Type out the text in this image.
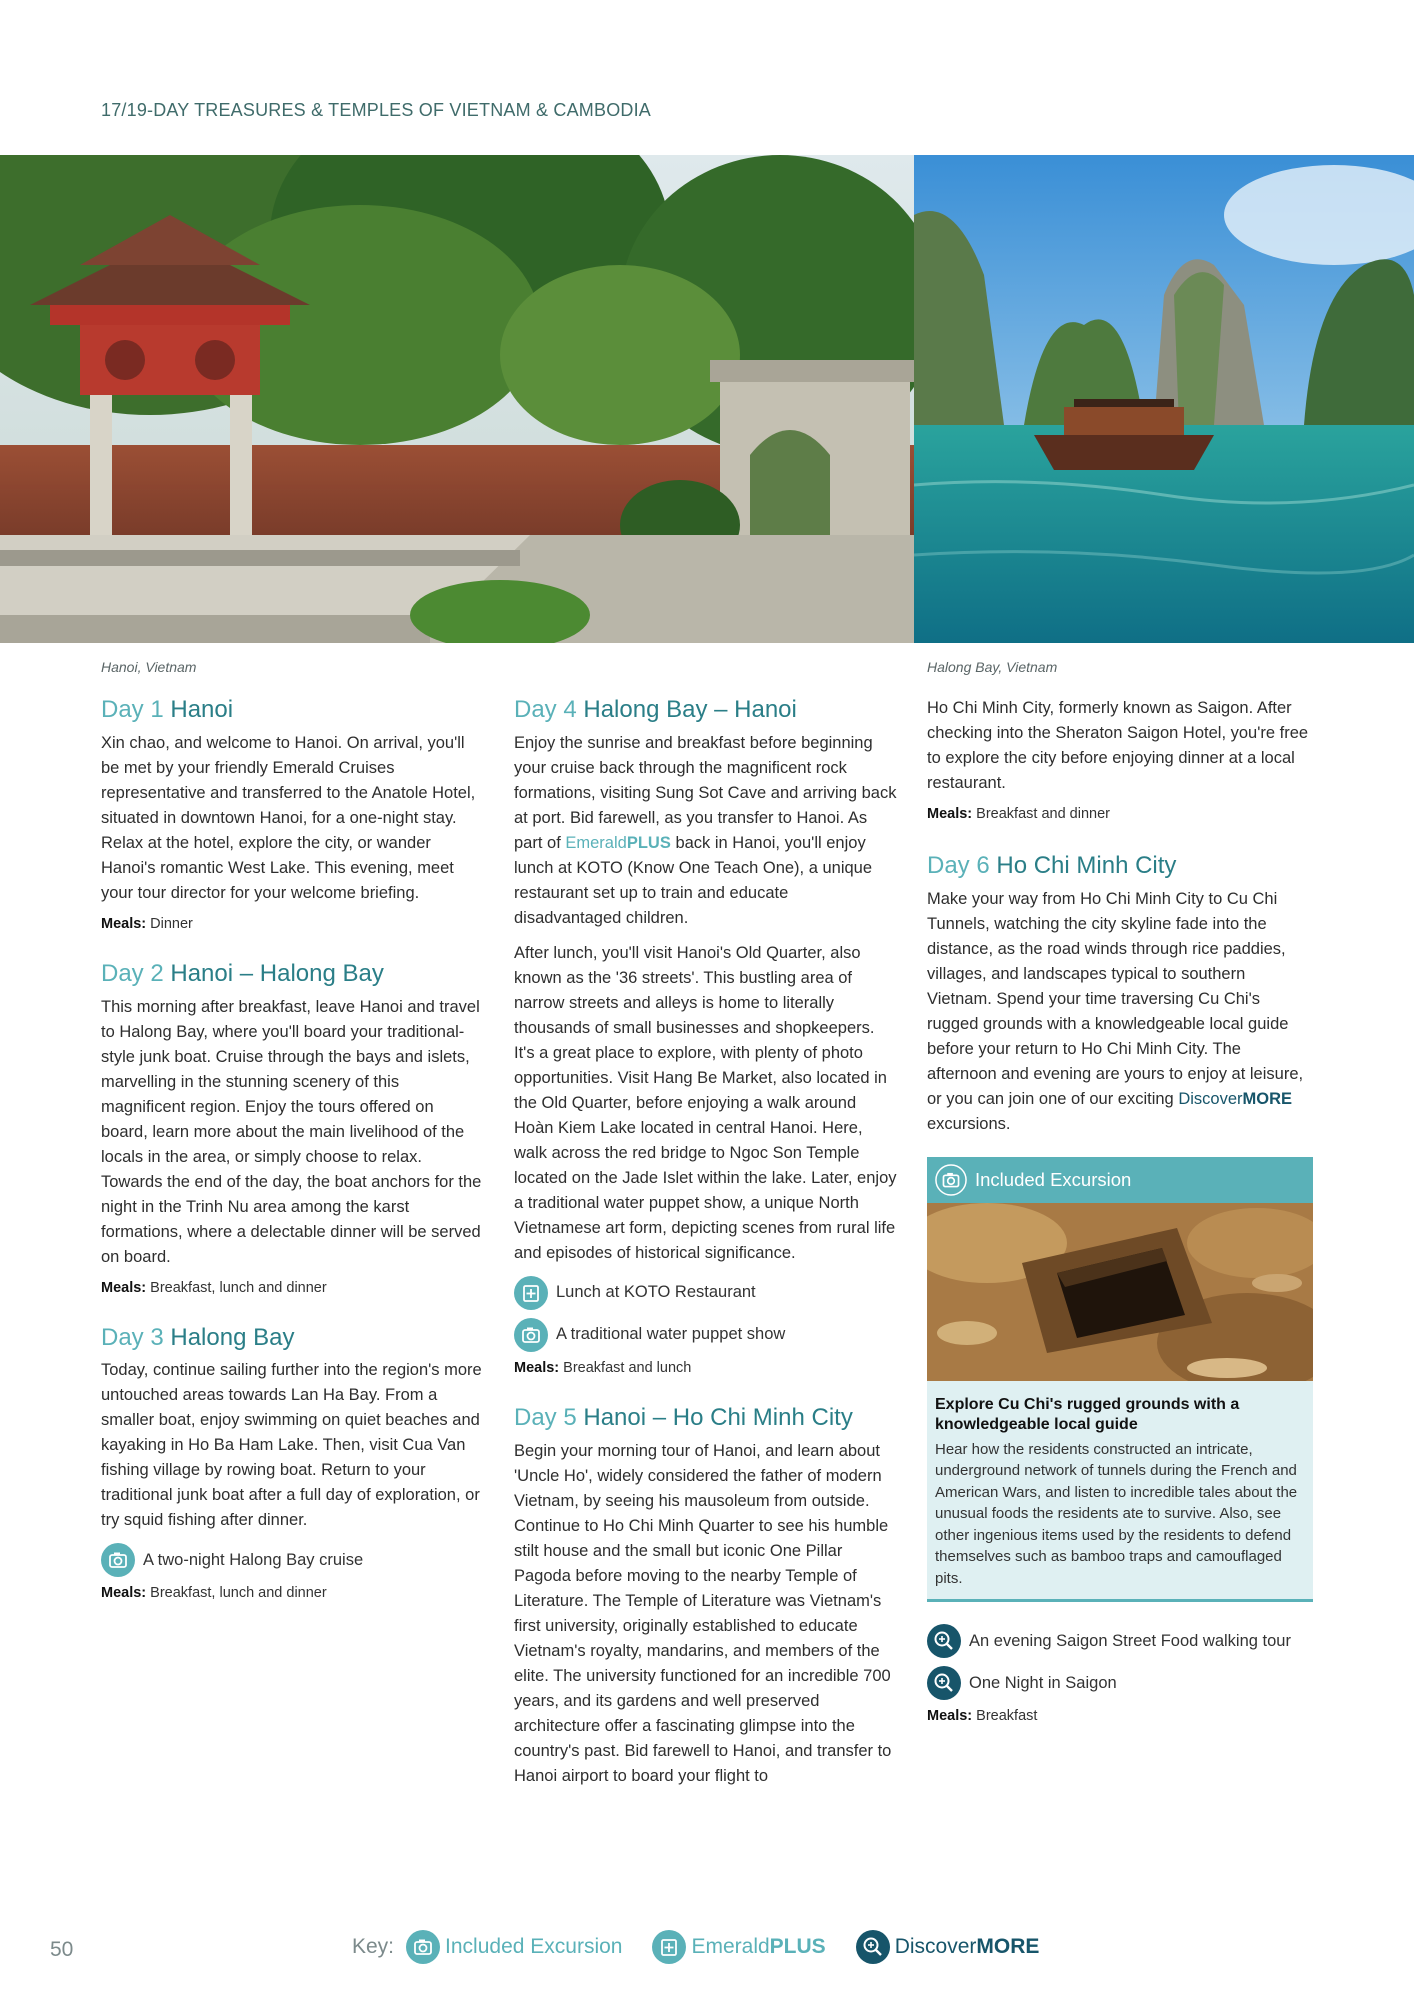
17/19-DAY TREASURES & TEMPLES OF VIETNAM & CAMBODIA
Hanoi, Vietnam	Halong Bay, Vietnam
Day 1 Hanoi

Xin chao, and welcome to Hanoi. On arrival, you'll be met by your friendly Emerald Cruises representative and transferred to the Anatole Hotel, situated in downtown Hanoi, for a one-night stay. Relax at the hotel, explore the city, or wander Hanoi's romantic West Lake. This evening, meet your tour director for your welcome briefing.

Meals: Dinner

Day 2 Hanoi – Halong Bay

This morning after breakfast, leave Hanoi and travel to Halong Bay, where you'll board your traditional-style junk boat. Cruise through the bays and islets, marvelling in the stunning scenery of this magnificent region. Enjoy the tours offered on board, learn more about the main livelihood of the locals in the area, or simply choose to relax. Towards the end of the day, the boat anchors for the night in the Trinh Nu area among the karst formations, where a delectable dinner will be served on board.

Meals: Breakfast, lunch and dinner

Day 3 Halong Bay

Today, continue sailing further into the region's more untouched areas towards Lan Ha Bay. From a smaller boat, enjoy swimming on quiet beaches and kayaking in Ho Ba Ham Lake. Then, visit Cua Van fishing village by rowing boat. Return to your traditional junk boat after a full day of exploration, or try squid fishing after dinner.

A two-night Halong Bay cruise

Meals: Breakfast, lunch and dinner

Day 4 Halong Bay – Hanoi

Enjoy the sunrise and breakfast before beginning your cruise back through the magnificent rock formations, visiting Sung Sot Cave and arriving back at port. Bid farewell, as you transfer to Hanoi. As part of EmeraldPLUS back in Hanoi, you'll enjoy lunch at KOTO (Know One Teach One), a unique restaurant set up to train and educate disadvantaged children.

After lunch, you'll visit Hanoi's Old Quarter, also known as the '36 streets'. This bustling area of narrow streets and alleys is home to literally thousands of small businesses and shopkeepers. It's a great place to explore, with plenty of photo opportunities. Visit Hang Be Market, also located in the Old Quarter, before enjoying a walk around Hoàn Kiem Lake located in central Hanoi. Here, walk across the red bridge to Ngoc Son Temple located on the Jade Islet within the lake. Later, enjoy a traditional water puppet show, a unique North Vietnamese art form, depicting scenes from rural life and episodes of historical significance.

Lunch at KOTO Restaurant
A traditional water puppet show

Meals: Breakfast and lunch

Day 5 Hanoi – Ho Chi Minh City

Begin your morning tour of Hanoi, and learn about 'Uncle Ho', widely considered the father of modern Vietnam, by seeing his mausoleum from outside. Continue to Ho Chi Minh Quarter to see his humble stilt house and the small but iconic One Pillar Pagoda before moving to the nearby Temple of Literature. The Temple of Literature was Vietnam's first university, originally established to educate Vietnam's royalty, mandarins, and members of the elite. The university functioned for an incredible 700 years, and its gardens and well preserved architecture offer a fascinating glimpse into the country's past. Bid farewell to Hanoi, and transfer to Hanoi airport to board your flight to

Ho Chi Minh City, formerly known as Saigon. After checking into the Sheraton Saigon Hotel, you're free to explore the city before enjoying dinner at a local restaurant.

Meals: Breakfast and dinner

Day 6 Ho Chi Minh City

Make your way from Ho Chi Minh City to Cu Chi Tunnels, watching the city skyline fade into the distance, as the road winds through rice paddies, villages, and landscapes typical to southern Vietnam. Spend your time traversing Cu Chi's rugged grounds with a knowledgeable local guide before your return to Ho Chi Minh City. The afternoon and evening are yours to enjoy at leisure, or you can join one of our exciting DiscoverMORE excursions.

Included Excursion

Explore Cu Chi's rugged grounds with a knowledgeable local guide

Hear how the residents constructed an intricate, underground network of tunnels during the French and American Wars, and listen to incredible tales about the unusual foods the residents ate to survive. Also, see other ingenious items used by the residents to defend themselves such as bamboo traps and camouflaged pits.

An evening Saigon Street Food walking tour
One Night in Saigon

Meals: Breakfast

50	Key: Included Excursion	Emerald PLUS	Discover MORE
